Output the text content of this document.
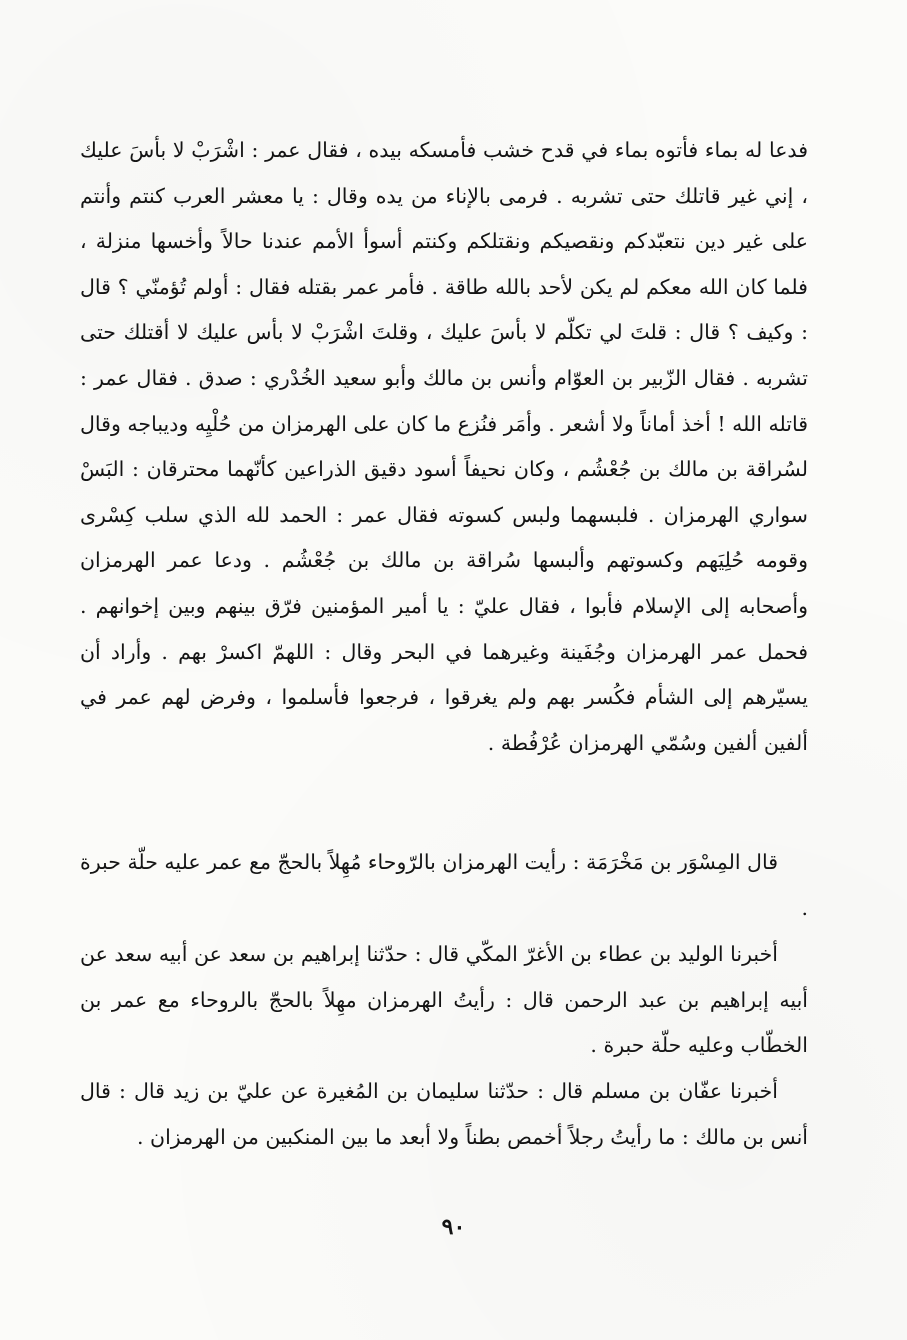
فدعا له بماء فأتوه بماء في قدح خشب فأمسكه بيده ، فقال عمر : اشْرَبْ لا بأسَ عليك ، إني غير قاتلك حتى تشربه . فرمى بالإناء من يده وقال : يا معشر العرب كنتم وأنتم على غير دين نتعبّدكم ونقصيكم ونقتلكم وكنتم أسوأ الأمم عندنا حالاً وأخسها منزلة ، فلما كان الله معكم لم يكن لأحد بالله طاقة . فأمر عمر بقتله فقال : أولم تُؤمنّي ؟ قال : وكيف ؟ قال : قلتَ لي تكلّم لا بأسَ عليك ، وقلتَ اشْرَبْ لا بأس عليك لا أقتلك حتى تشربه . فقال الزّبير بن العوّام وأنس بن مالك وأبو سعيد الخُدْري : صدق . فقال عمر : قاتله الله ! أخذ أماناً ولا أشعر . وأمَر فنُزع ما كان على الهرمزان من حُلْيِه وديباجه وقال لسُراقة بن مالك بن جُعْشُم ، وكان نحيفاً أسود دقيق الذراعين كأنّهما محترقان : البَسْ سواري الهرمزان . فلبسهما ولبس كسوته فقال عمر : الحمد لله الذي سلب كِسْرى وقومه حُلِيَهم وكسوتهم وألبسها سُراقة بن مالك بن جُعْشُم . ودعا عمر الهرمزان وأصحابه إلى الإسلام فأبوا ، فقال عليّ : يا أمير المؤمنين فرّق بينهم وبين إخوانهم . فحمل عمر الهرمزان وجُفَينة وغيرهما في البحر وقال : اللهمّ اكسرْ بهم . وأراد أن يسيّرهم إلى الشأم فكُسر بهم ولم يغرقوا ، فرجعوا فأسلموا ، وفرض لهم عمر في ألفين ألفين وسُمّي الهرمزان عُرْفُطة .

قال المِسْوَر بن مَخْرَمَة : رأيت الهرمزان بالرّوحاء مُهِلاً بالحجّ مع عمر عليه حلّة حبرة .

أخبرنا الوليد بن عطاء بن الأغرّ المكّي قال : حدّثنا إبراهيم بن سعد عن أبيه سعد عن أبيه إبراهيم بن عبد الرحمن قال : رأيتُ الهرمزان مهِلاً بالحجّ بالروحاء مع عمر بن الخطّاب وعليه حلّة حبرة .

أخبرنا عفّان بن مسلم قال : حدّثنا سليمان بن المُغيرة عن عليّ بن زيد قال : قال أنس بن مالك : ما رأيتُ رجلاً أخمص بطناً ولا أبعد ما بين المنكبين من الهرمزان .

٩٠
